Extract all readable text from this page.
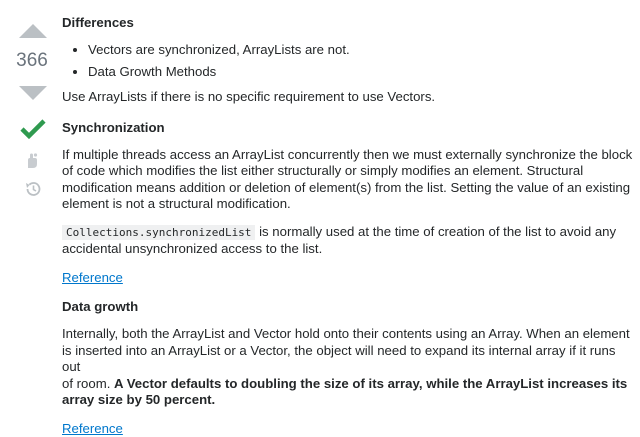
366
Differences
• Vectors are synchronized, ArrayLists are not.
• Data Growth Methods

Use ArrayLists if there is no specific requirement to use Vectors.

Synchronization

If multiple threads access an ArrayList concurrently then we must externally synchronize the block
of code which modifies the list either structurally or simply modifies an element. Structural
modification means addition or deletion of element(s) from the list. Setting the value of an existing
element is not a structural modification.

Collections.synchronizedList is normally used at the time of creation of the list to avoid any
accidental unsynchronized access to the list.

Reference

Data growth

Internally, both the ArrayList and Vector hold onto their contents using an Array. When an element
is inserted into an ArrayList or a Vector, the object will need to expand its internal array if it runs out
of room. A Vector defaults to doubling the size of its array, while the ArrayList increases its
array size by 50 percent.

Reference
